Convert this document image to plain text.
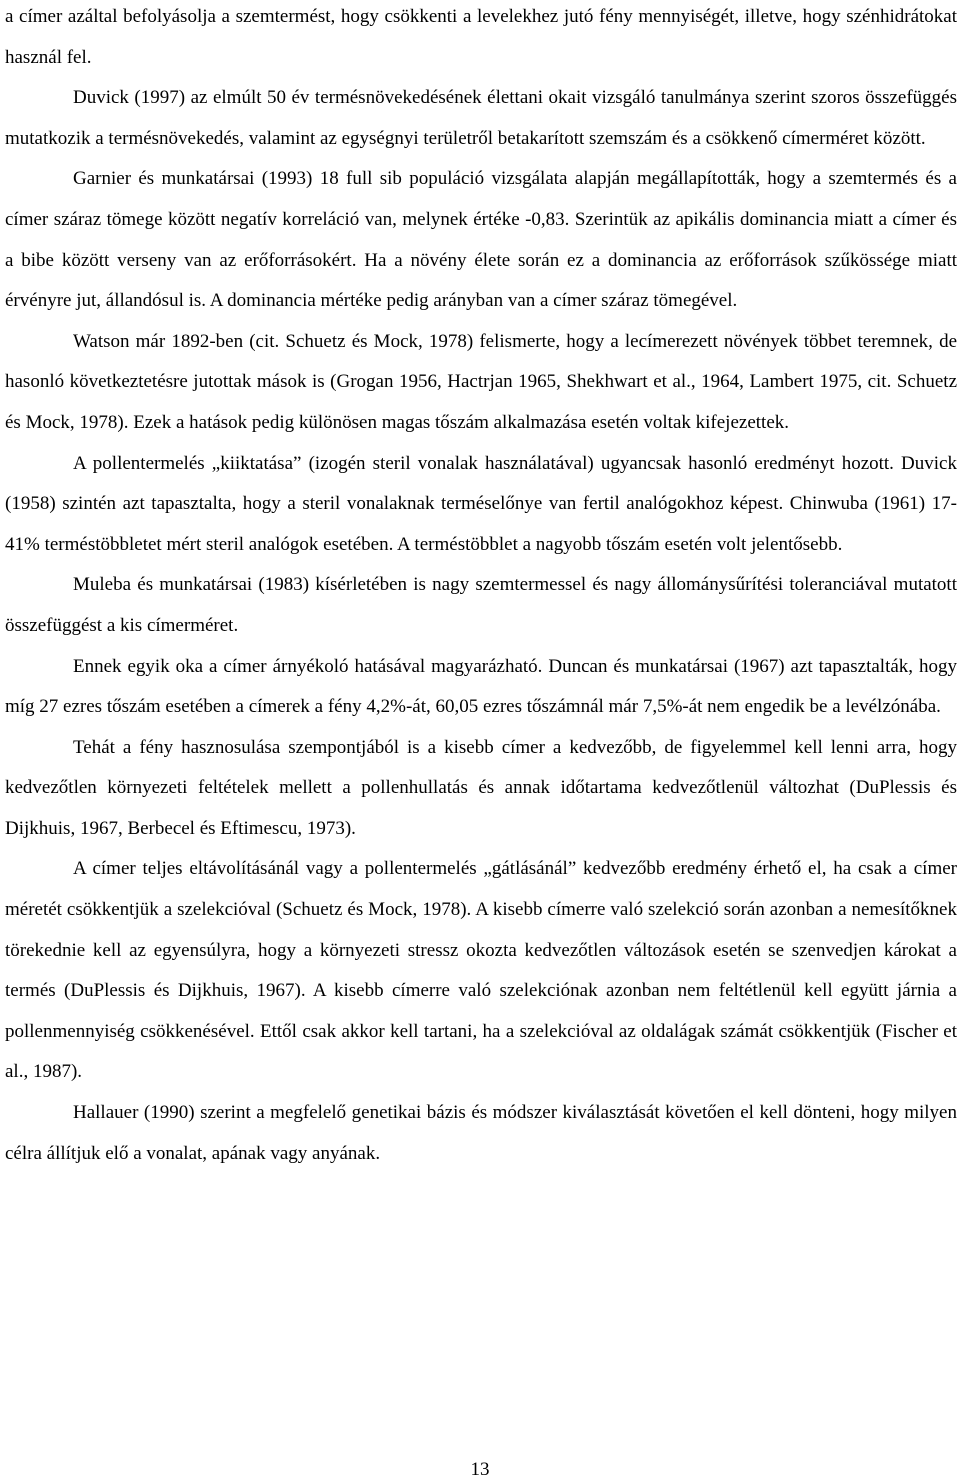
a címer azáltal befolyásolja a szemtermést, hogy csökkenti a levelekhez jutó fény mennyiségét, illetve, hogy szénhidrátokat használ fel.

Duvick (1997) az elmúlt 50 év termésnövekedésének élettani okait vizsgáló tanulmánya szerint szoros összefüggés mutatkozik a termésnövekedés, valamint az egységnyi területről betakarított szemszám és a csökkenő címerméret között.

Garnier és munkatársai (1993) 18 full sib populáció vizsgálata alapján megállapították, hogy a szemtermés és a címer száraz tömege között negatív korreláció van, melynek értéke -0,83. Szerintük az apikális dominancia miatt a címer és a bibe között verseny van az erőforrásokért. Ha a növény élete során ez a dominancia az erőforrások szűkössége miatt érvényre jut, állandósul is. A dominancia mértéke pedig arányban van a címer száraz tömegével.

Watson már 1892-ben (cit. Schuetz és Mock, 1978) felismerte, hogy a lecímerezett növények többet teremnek, de hasonló következtetésre jutottak mások is (Grogan 1956, Hactrjan 1965, Shekhwart et al., 1964, Lambert 1975, cit. Schuetz és Mock, 1978). Ezek a hatások pedig különösen magas tőszám alkalmazása esetén voltak kifejezettek.

A pollentermelés „kiiktatása” (izogén steril vonalak használatával) ugyancsak hasonló eredményt hozott. Duvick (1958) szintén azt tapasztalta, hogy a steril vonalaknak terméselőnye van fertil analógokhoz képest. Chinwuba (1961) 17-41% terméstöbbletet mért steril analógok esetében. A terméstöbblet a nagyobb tőszám esetén volt jelentősebb.

Muleba és munkatársai (1983) kísérletében is nagy szemtermessel és nagy állománysűrítési toleranciával mutatott összefüggést a kis címerméret.

Ennek egyik oka a címer árnyékoló hatásával magyarázható. Duncan és munkatársai (1967) azt tapasztalták, hogy míg 27 ezres tőszám esetében a címerek a fény 4,2%-át, 60,05 ezres tőszámnál már 7,5%-át nem engedik be a levélzónába.

Tehát a fény hasznosulása szempontjából is a kisebb címer a kedvezőbb, de figyelemmel kell lenni arra, hogy kedvezőtlen környezeti feltételek mellett a pollenhullatás és annak időtartama kedvezőtlenül változhat (DuPlessis és Dijkhuis, 1967, Berbecel és Eftimescu, 1973).

A címer teljes eltávolításánál vagy a pollentermelés „gátlásánál” kedvezőbb eredmény érhető el, ha csak a címer méretét csökkentjük a szelekcióval (Schuetz és Mock, 1978). A kisebb címerre való szelekció során azonban a nemesítőknek törekednie kell az egyensúlyra, hogy a környezeti stressz okozta kedvezőtlen változások esetén se szenvedjen károkat a termés (DuPlessis és Dijkhuis, 1967). A kisebb címerre való szelekciónak azonban nem feltétlenül kell együtt járnia a pollenmennyiség csökkenésével. Ettől csak akkor kell tartani, ha a szelekcióval az oldalágak számát csökkentjük (Fischer et al., 1987).

Hallauer (1990) szerint a megfelelő genetikai bázis és módszer kiválasztását követően el kell dönteni, hogy milyen célra állítjuk elő a vonalat, apának vagy anyának.

13
